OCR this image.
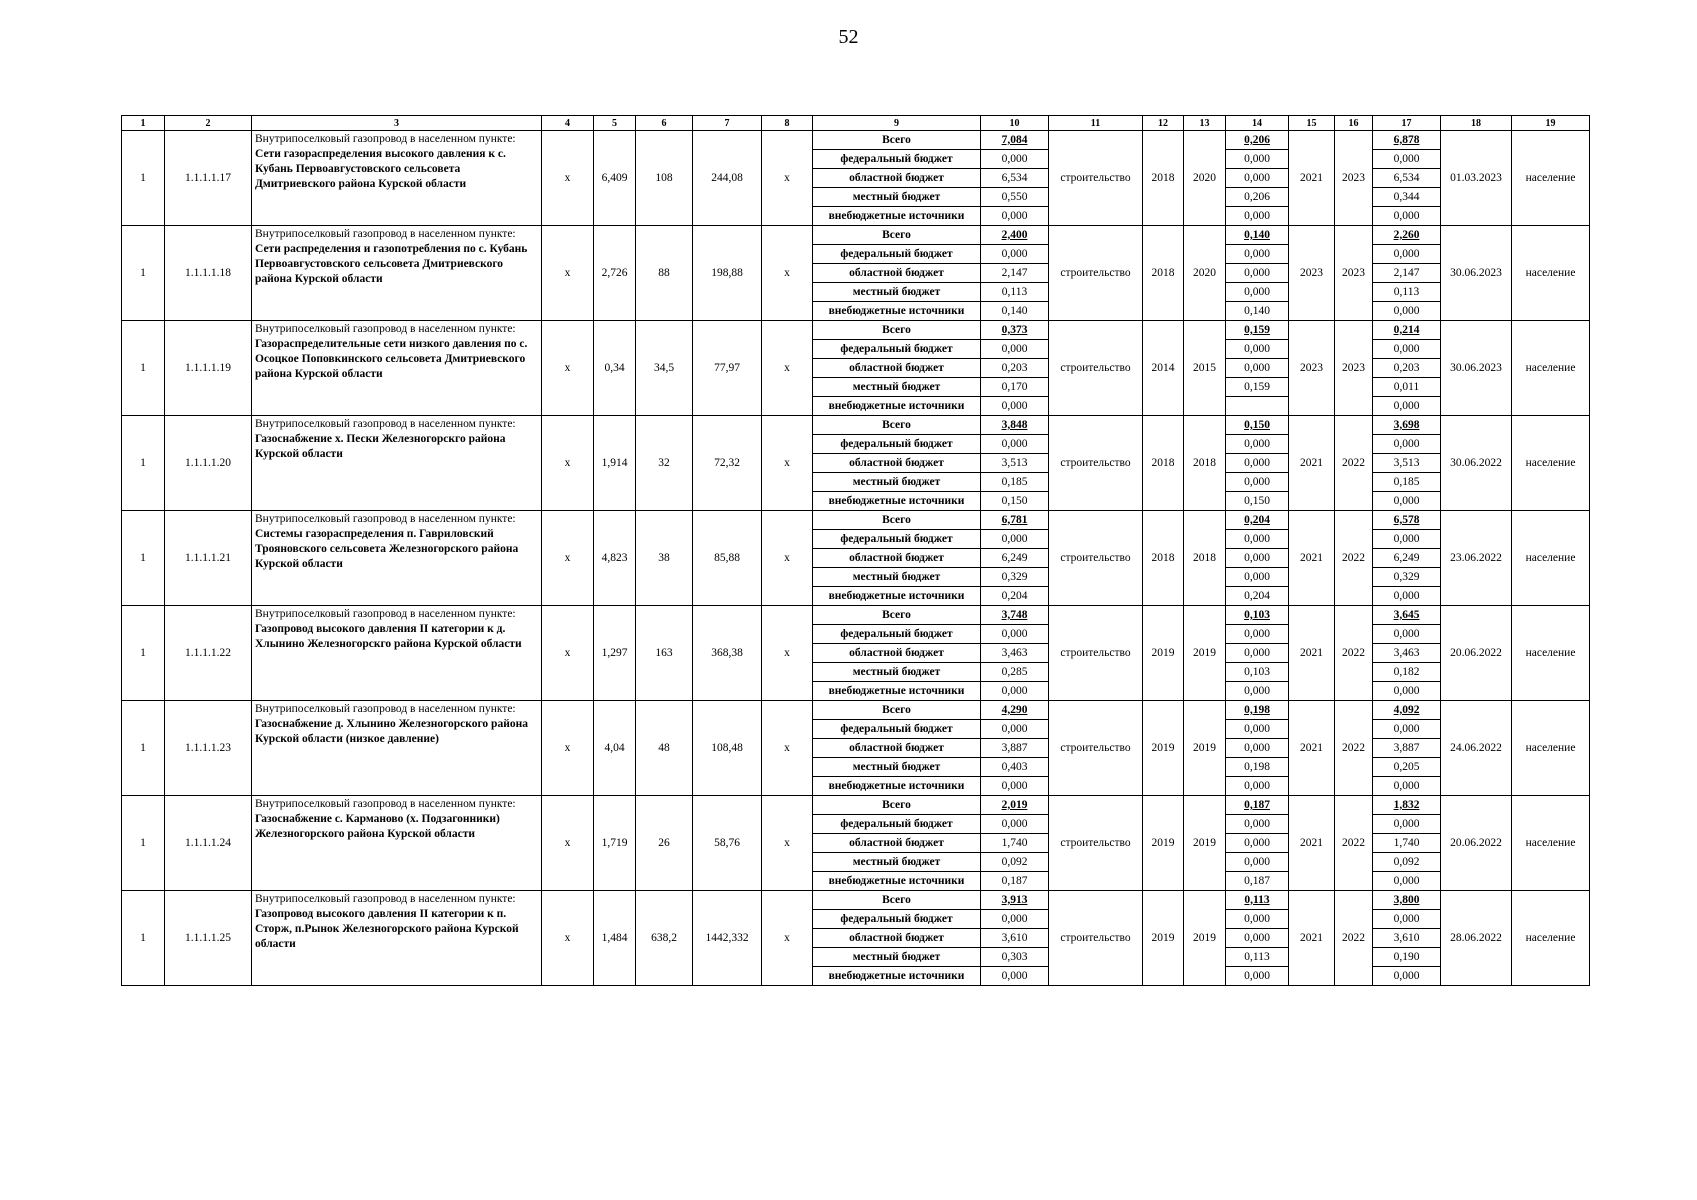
52
1	2	3	4	5	6	7	8	9	10	11	12	13	14	15	16	17	18	19
1	1.1.1.1.17	Внутрипоселковый газопровод в населенном пункте:
Сети газораспределения высокого давления к с. Кубань Первоавгустовского сельсовета Дмитриевского района Курской области	х	6,409	108	244,08	х	Всего	7,084	строительство	2018	2020	0,206	2021	2023	6,878	01.03.2023	население
								федеральный бюджет	0,000				0,000			0,000		
								областной бюджет	6,534				0,000			6,534		
								местный бюджет	0,550				0,206			0,344		
								внебюджетные источники	0,000				0,000			0,000		
1	1.1.1.1.18	Внутрипоселковый газопровод в населенном пункте:
Сети распределения и газопотребления по с. Кубань Первоавгустовского сельсовета Дмитриевского района Курской области	х	2,726	88	198,88	х	Всего	2,400	строительство	2018	2020	0,140	2023	2023	2,260	30.06.2023	население
								федеральный бюджет	0,000				0,000			0,000		
								областной бюджет	2,147				0,000			2,147		
								местный бюджет	0,113				0,000			0,113		
								внебюджетные источники	0,140				0,140			0,000		
1	1.1.1.1.19	Внутрипоселковый газопровод в населенном пункте:
Газораспределительные сети низкого давления по с. Осоцкое Поповкинского сельсовета Дмитриевского района Курской области	х	0,34	34,5	77,97	х	Всего	0,373	строительство	2014	2015	0,159	2023	2023	0,214	30.06.2023	население
								федеральный бюджет	0,000				0,000			0,000		
								областной бюджет	0,203				0,000			0,203		
								местный бюджет	0,170				0,159			0,011		
								внебюджетные источники	0,000							0,000		
1	1.1.1.1.20	Внутрипоселковый газопровод в населенном пункте:
Газоснабжение х. Пески Железногорскго района Курской области	х	1,914	32	72,32	х	Всего	3,848	строительство	2018	2018	0,150	2021	2022	3,698	30.06.2022	население
								федеральный бюджет	0,000				0,000			0,000		
								областной бюджет	3,513				0,000			3,513		
								местный бюджет	0,185				0,000			0,185		
								внебюджетные источники	0,150				0,150			0,000		
1	1.1.1.1.21	Внутрипоселковый газопровод в населенном пункте:
Системы газораспределения п. Гавриловский Трояновского сельсовета Железногорского района Курской области	х	4,823	38	85,88	х	Всего	6,781	строительство	2018	2018	0,204	2021	2022	6,578	23.06.2022	население
								федеральный бюджет	0,000				0,000			0,000		
								областной бюджет	6,249				0,000			6,249		
								местный бюджет	0,329				0,000			0,329		
								внебюджетные источники	0,204				0,204			0,000		
1	1.1.1.1.22	Внутрипоселковый газопровод в населенном пункте:
Газопровод высокого давления II категории к д. Хлынино Железногорскго района Курской области	х	1,297	163	368,38	х	Всего	3,748	строительство	2019	2019	0,103	2021	2022	3,645	20.06.2022	население
								федеральный бюджет	0,000				0,000			0,000		
								областной бюджет	3,463				0,000			3,463		
								местный бюджет	0,285				0,103			0,182		
								внебюджетные источники	0,000				0,000			0,000		
1	1.1.1.1.23	Внутрипоселковый газопровод в населенном пункте:
Газоснабжение д. Хлынино Железногорского района Курской области (низкое давление)	х	4,04	48	108,48	х	Всего	4,290	строительство	2019	2019	0,198	2021	2022	4,092	24.06.2022	население
								федеральный бюджет	0,000				0,000			0,000		
								областной бюджет	3,887				0,000			3,887		
								местный бюджет	0,403				0,198			0,205		
								внебюджетные источники	0,000				0,000			0,000		
1	1.1.1.1.24	Внутрипоселковый газопровод в населенном пункте:
Газоснабжение с. Карманово (х. Подзагонники) Железногорского района Курской области	х	1,719	26	58,76	х	Всего	2,019	строительство	2019	2019	0,187	2021	2022	1,832	20.06.2022	население
								федеральный бюджет	0,000				0,000			0,000		
								областной бюджет	1,740				0,000			1,740		
								местный бюджет	0,092				0,000			0,092		
								внебюджетные источники	0,187				0,187			0,000		
1	1.1.1.1.25	Внутрипоселковый газопровод в населенном пункте:
Газопровод высокого давления II категории к п. Сторж, п.Рынок Железногорского района Курской области	х	1,484	638,2	1442,332	х	Всего	3,913	строительство	2019	2019	0,113	2021	2022	3,800	28.06.2022	население
								федеральный бюджет	0,000				0,000			0,000		
								областной бюджет	3,610				0,000			3,610		
								местный бюджет	0,303				0,113			0,190		
								внебюджетные источники	0,000				0,000			0,000		
